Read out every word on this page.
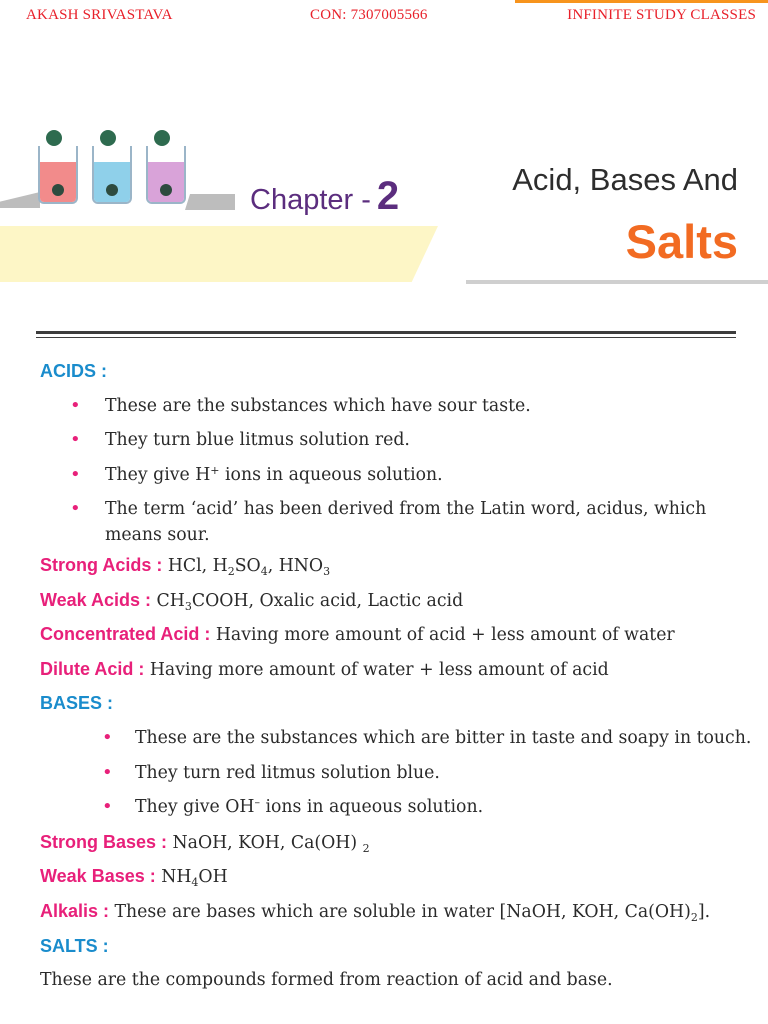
AKASH SRIVASTAVA	CON: 7307005566	INFINITE STUDY CLASSES
Chapter - 2	Acid, Bases And
Salts
ACIDS :
• These are the substances which have sour taste.
• They turn blue litmus solution red.
• They give H+ ions in aqueous solution.
• The term ‘acid’ has been derived from the Latin word, acidus, which
means sour.
Strong Acids : HCl, $H_2SO_4$, $HNO_3$
Weak Acids : $CH_3COOH$, Oxalic acid, Lactic acid
Concentrated Acid : Having more amount of acid + less amount of water
Dilute Acid : Having more amount of water + less amount of acid
BASES :
• These are the substances which are bitter in taste and soapy in touch.
• They turn red litmus solution blue.
• They give OH– ions in aqueous solution.
Strong Bases : NaOH, KOH, Ca(OH) $_2$
Weak Bases : $NH_4OH$
Alkalis : These are bases which are soluble in water [NaOH, KOH, $Ca(OH)_2$].
SALTS :
These are the compounds formed from reaction of acid and base.
